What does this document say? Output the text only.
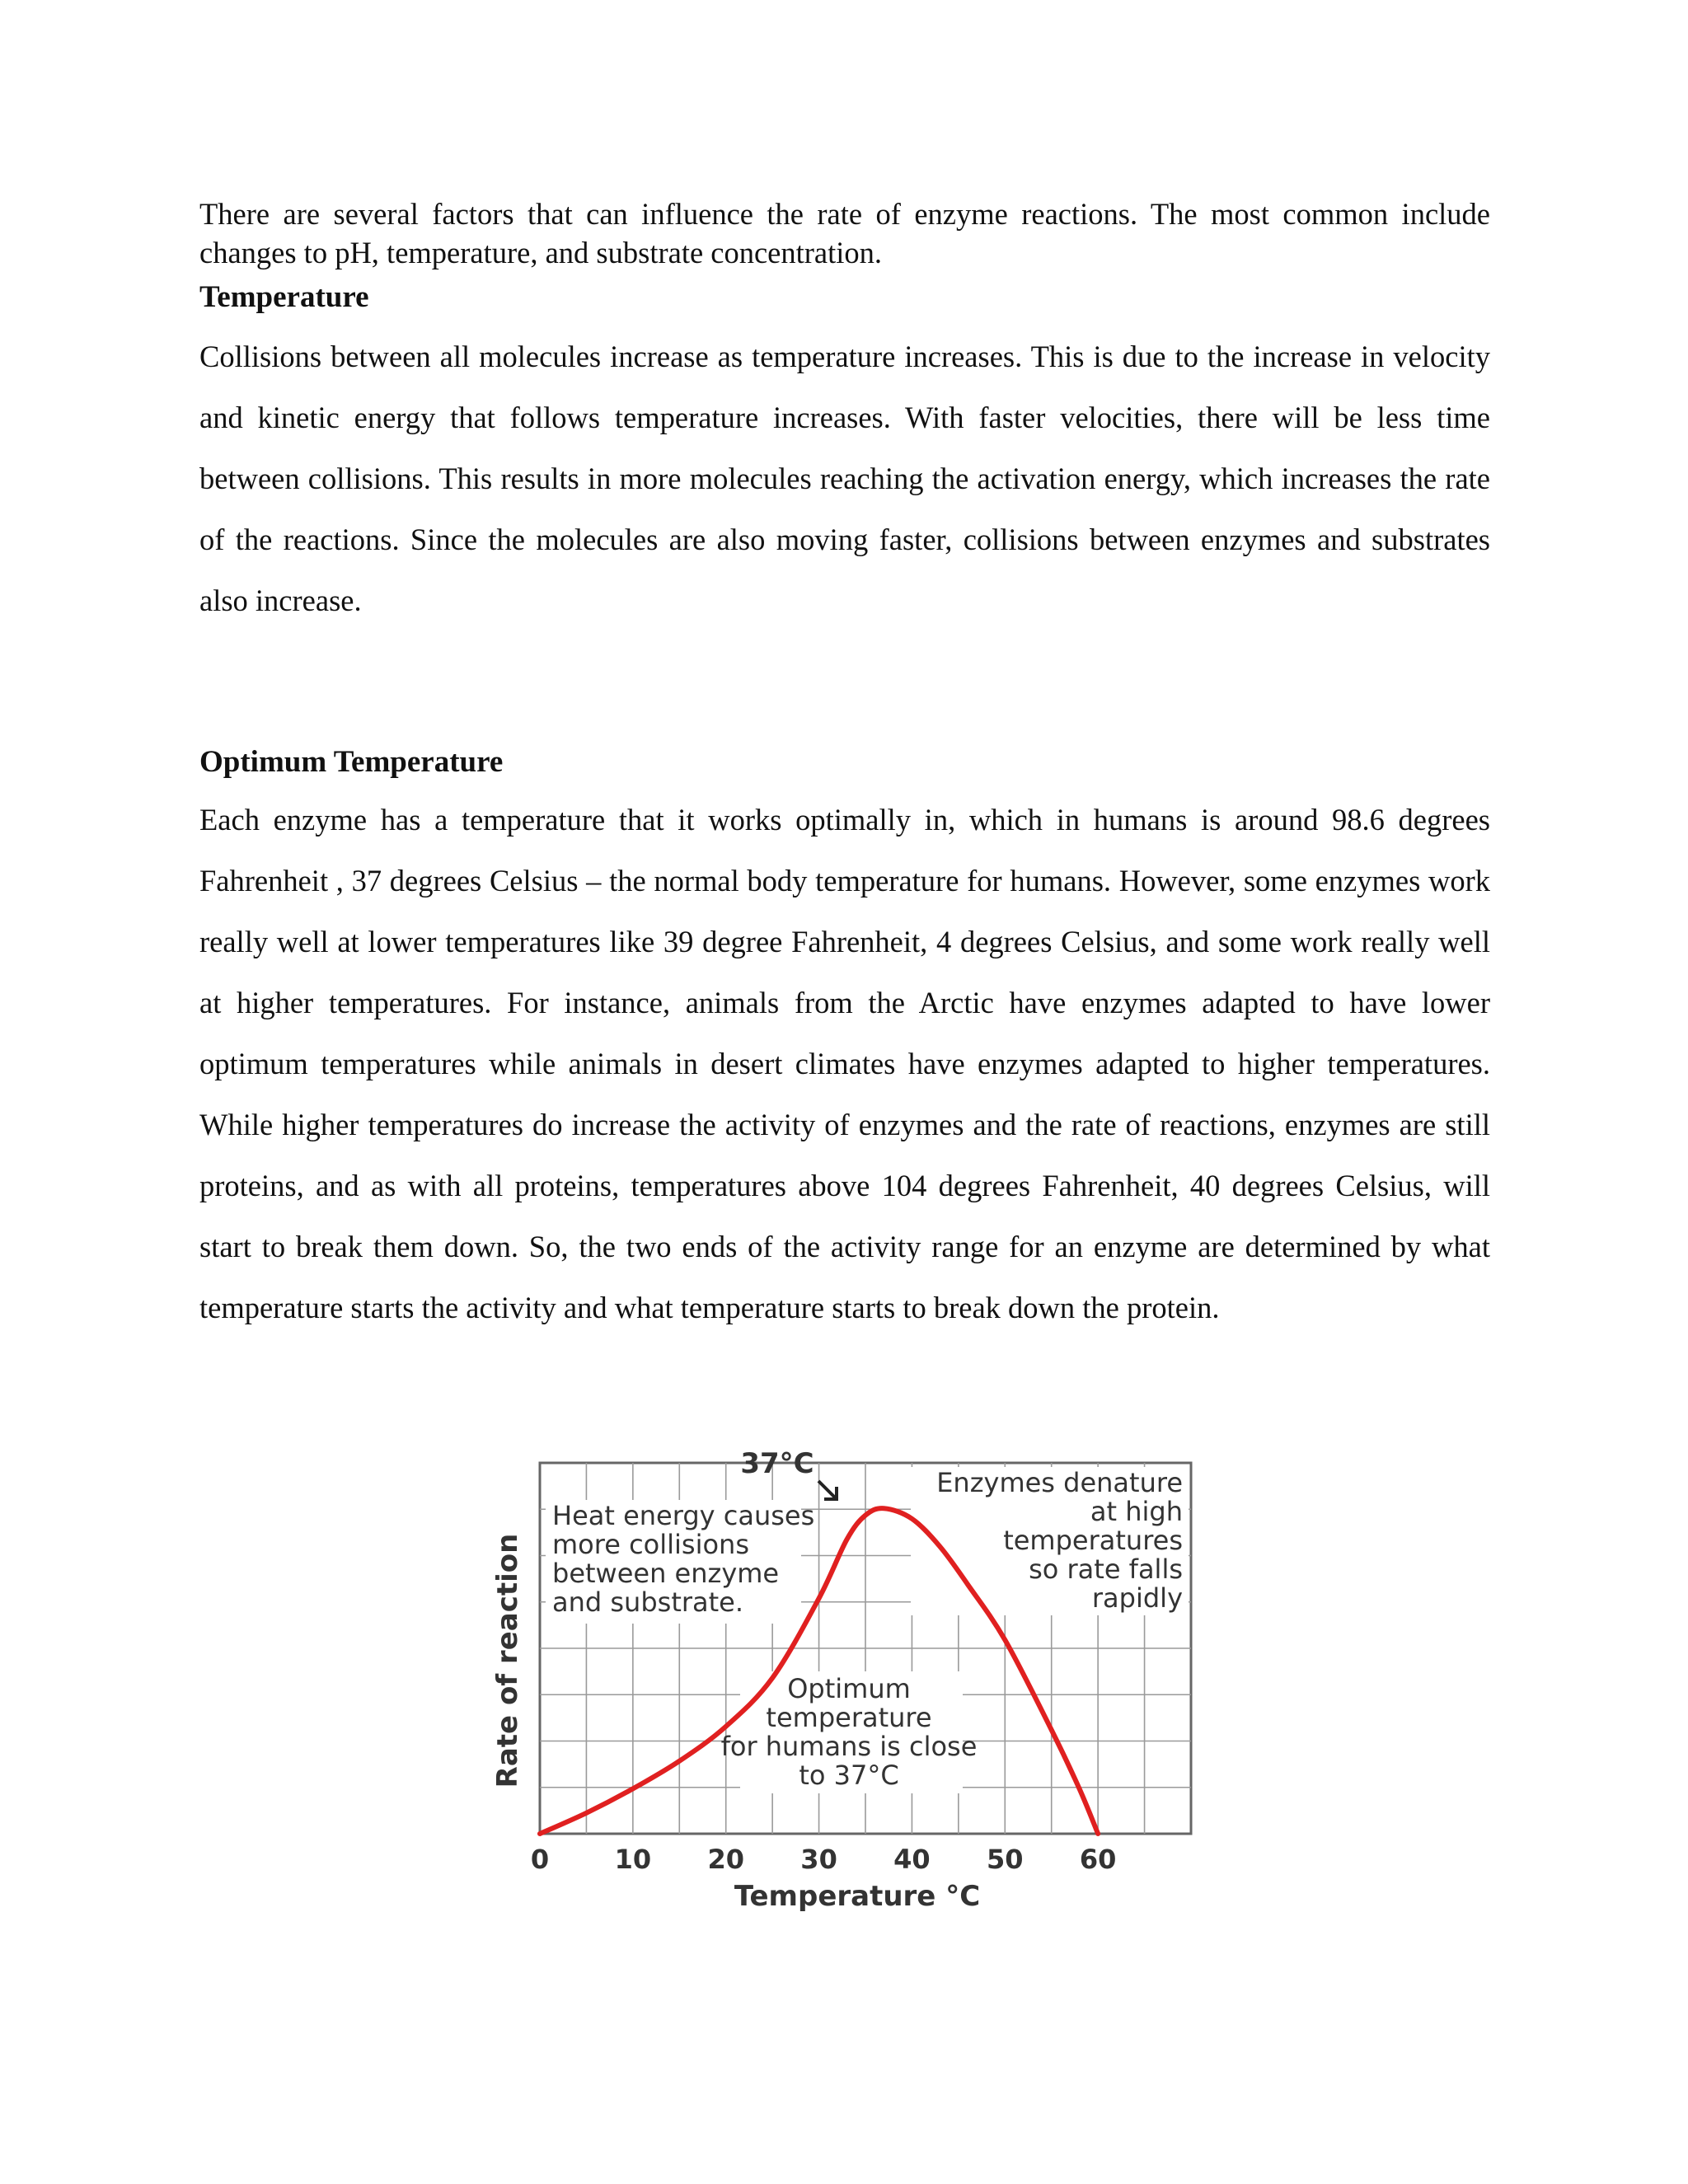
There are several factors that can influence the rate of enzyme reactions. The most common include changes to pH, temperature, and substrate concentration.

Temperature

Collisions between all molecules increase as temperature increases. This is due to the increase in velocity and kinetic energy that follows temperature increases. With faster velocities, there will be less time between collisions. This results in more molecules reaching the activation energy, which increases the rate of the reactions. Since the molecules are also moving faster, collisions between enzymes and substrates also increase.

Optimum Temperature

Each enzyme has a temperature that it works optimally in, which in humans is around 98.6 degrees Fahrenheit , 37 degrees Celsius – the normal body temperature for humans. However, some enzymes work really well at lower temperatures like 39 degree Fahrenheit, 4 degrees Celsius, and some work really well at higher temperatures. For instance, animals from the Arctic have enzymes adapted to have lower optimum temperatures while animals in desert climates have enzymes adapted to higher temperatures. While higher temperatures do increase the activity of enzymes and the rate of reactions, enzymes are still proteins, and as with all proteins, temperatures above 104 degrees Fahrenheit, 40 degrees Celsius, will start to break them down. So, the two ends of the activity range for an enzyme are determined by what temperature starts the activity and what temperature starts to break down the protein.

Heat energy causes
more collisions
between enzyme
and substrate.
Enzymes denature
at high
temperatures
so rate falls
rapidly
Optimum
temperature
for humans is close
to 37°C
0 10 20 30 40 50 60
37°C
Rate of reaction
Temperature °C
